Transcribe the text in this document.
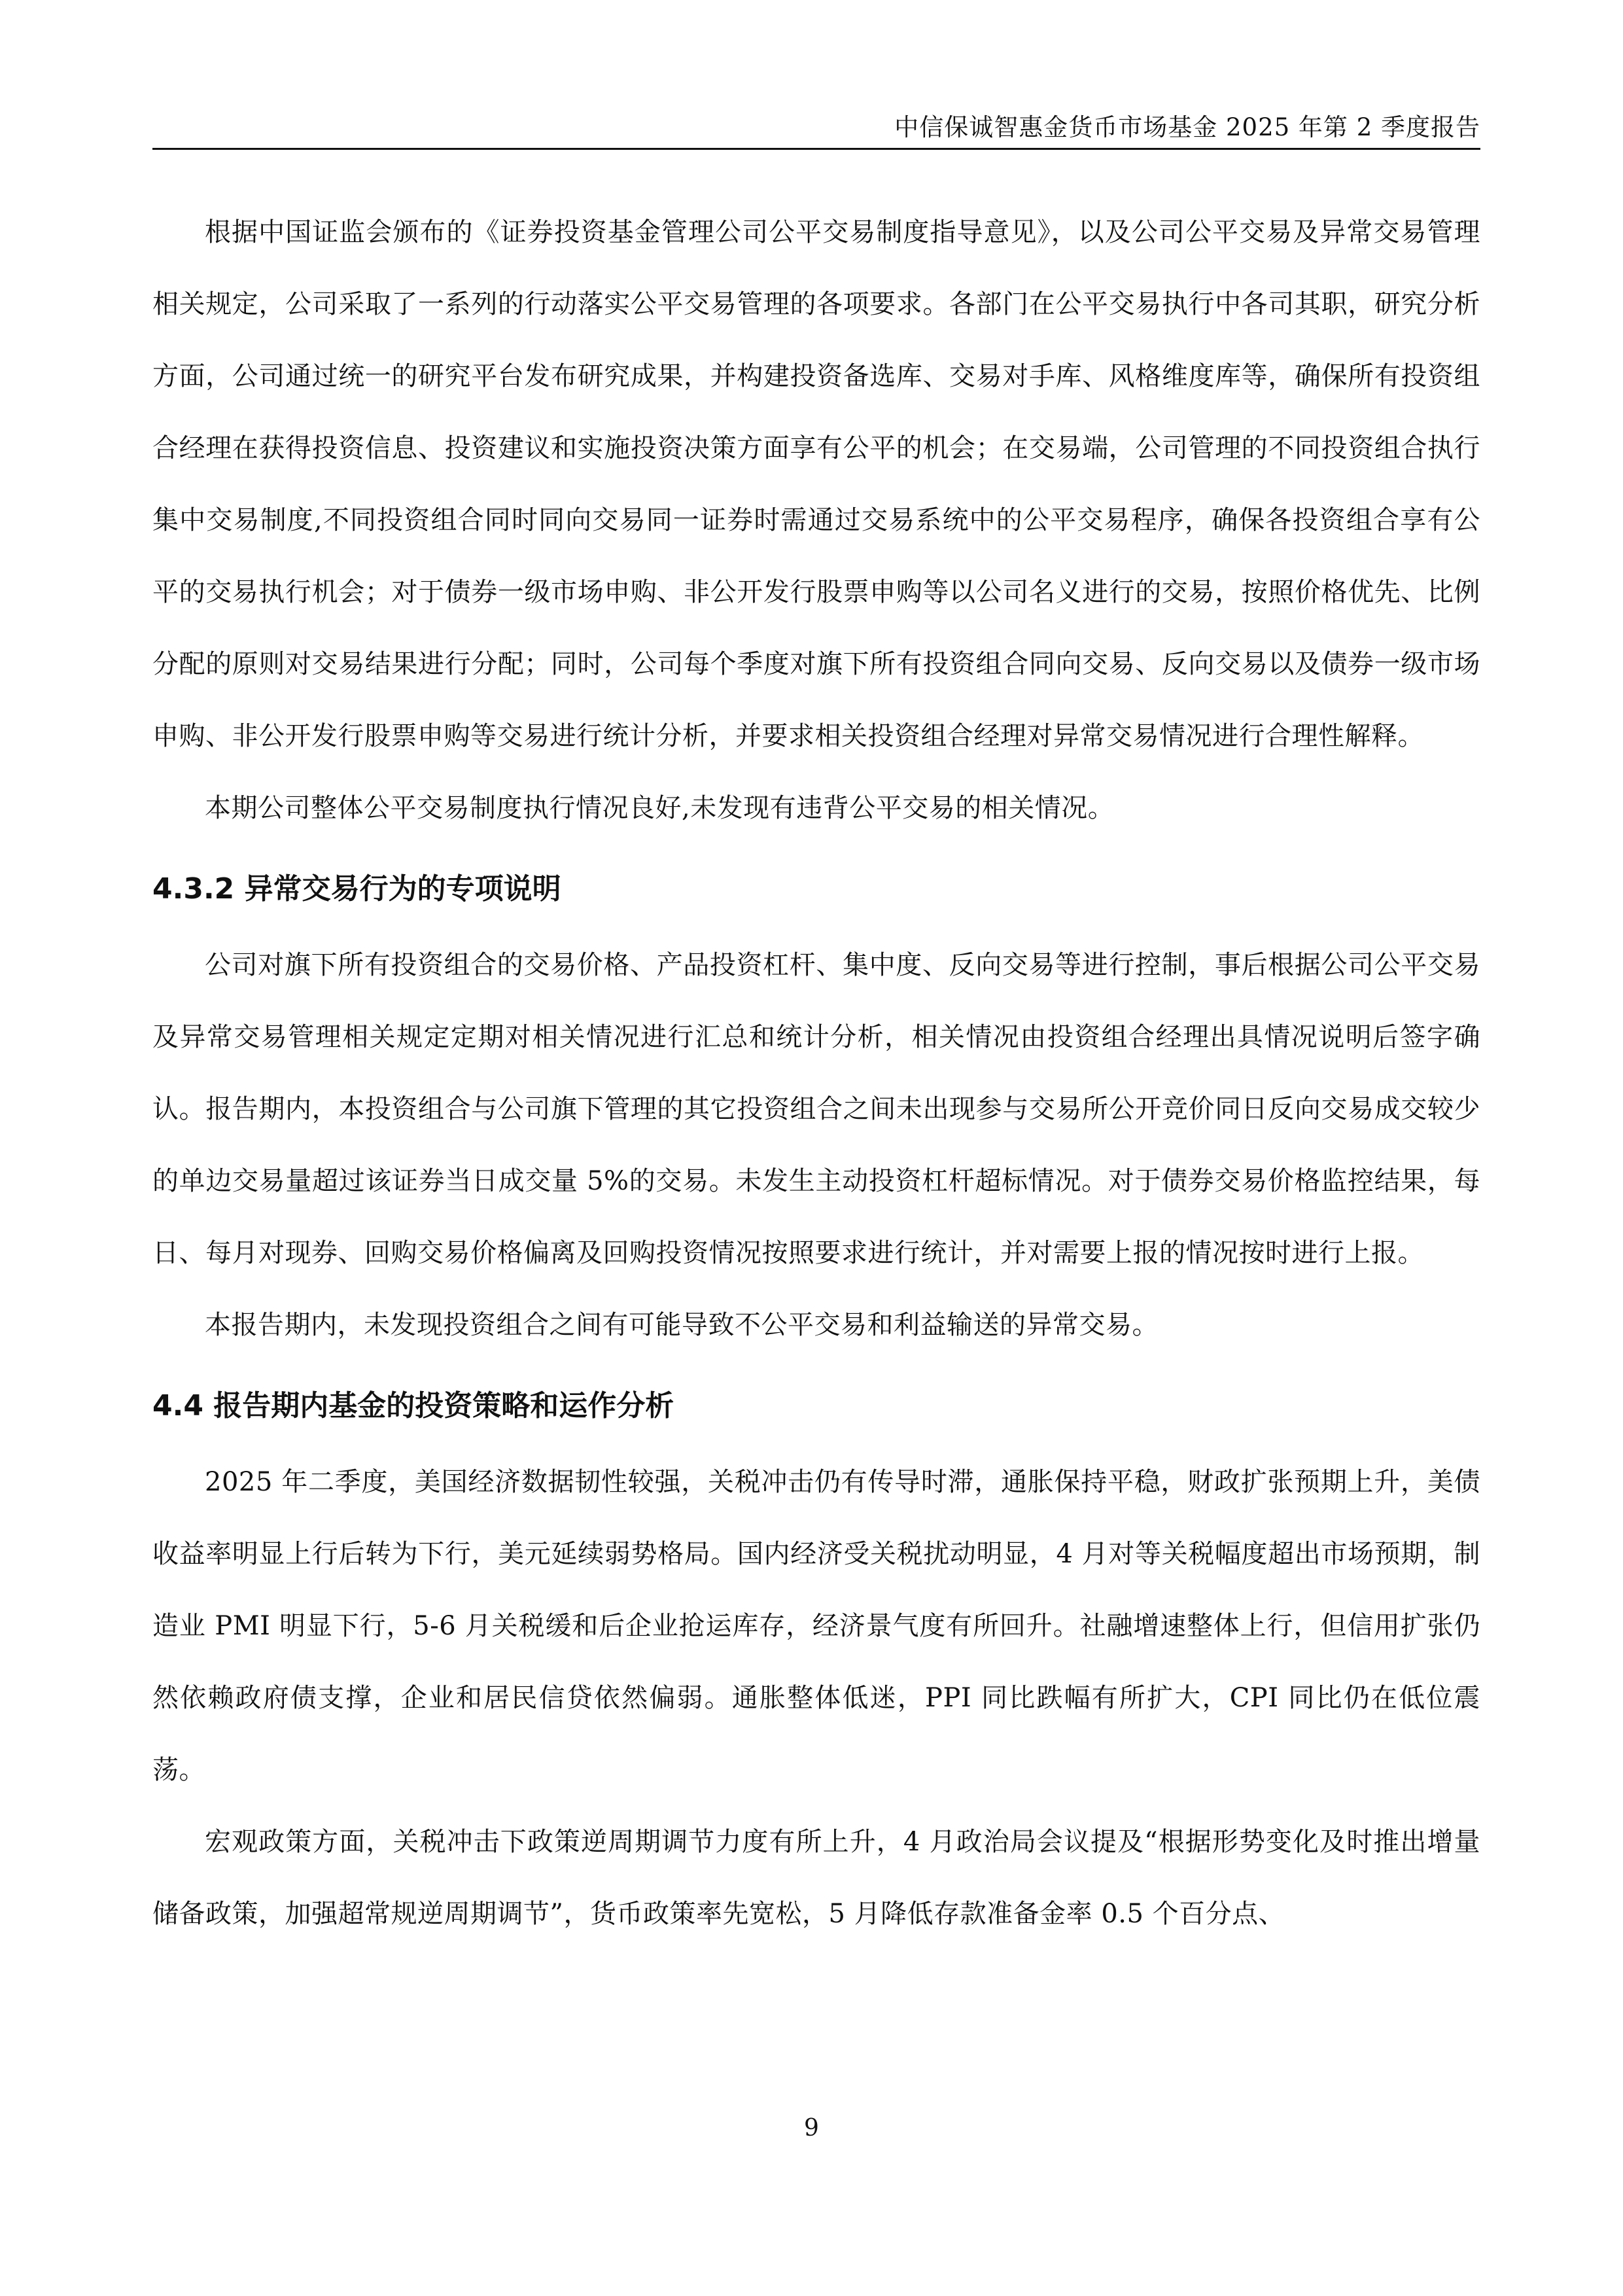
中信保诚智惠金货币市场基金 2025 年第 2 季度报告

根据中国证监会颁布的《证券投资基金管理公司公平交易制度指导意见》，以及公司公平交易及异常交易管理相关规定，公司采取了一系列的行动落实公平交易管理的各项要求。各部门在公平交易执行中各司其职，研究分析方面，公司通过统一的研究平台发布研究成果，并构建投资备选库、交易对手库、风格维度库等，确保所有投资组合经理在获得投资信息、投资建议和实施投资决策方面享有公平的机会；在交易端，公司管理的不同投资组合执行集中交易制度,不同投资组合同时同向交易同一证券时需通过交易系统中的公平交易程序，确保各投资组合享有公平的交易执行机会；对于债券一级市场申购、非公开发行股票申购等以公司名义进行的交易，按照价格优先、比例分配的原则对交易结果进行分配；同时，公司每个季度对旗下所有投资组合同向交易、反向交易以及债券一级市场申购、非公开发行股票申购等交易进行统计分析，并要求相关投资组合经理对异常交易情况进行合理性解释。

本期公司整体公平交易制度执行情况良好,未发现有违背公平交易的相关情况。

4.3.2 异常交易行为的专项说明

公司对旗下所有投资组合的交易价格、产品投资杠杆、集中度、反向交易等进行控制，事后根据公司公平交易及异常交易管理相关规定定期对相关情况进行汇总和统计分析，相关情况由投资组合经理出具情况说明后签字确认。报告期内，本投资组合与公司旗下管理的其它投资组合之间未出现参与交易所公开竞价同日反向交易成交较少的单边交易量超过该证券当日成交量 5%的交易。未发生主动投资杠杆超标情况。对于债券交易价格监控结果，每日、每月对现券、回购交易价格偏离及回购投资情况按照要求进行统计，并对需要上报的情况按时进行上报。

本报告期内，未发现投资组合之间有可能导致不公平交易和利益输送的异常交易。

4.4 报告期内基金的投资策略和运作分析

2025 年二季度，美国经济数据韧性较强，关税冲击仍有传导时滞，通胀保持平稳，财政扩张预期上升，美债收益率明显上行后转为下行，美元延续弱势格局。国内经济受关税扰动明显，4 月对等关税幅度超出市场预期，制造业 PMI 明显下行，5-6 月关税缓和后企业抢运库存，经济景气度有所回升。社融增速整体上行，但信用扩张仍然依赖政府债支撑，企业和居民信贷依然偏弱。通胀整体低迷，PPI 同比跌幅有所扩大，CPI 同比仍在低位震荡。

宏观政策方面，关税冲击下政策逆周期调节力度有所上升，4 月政治局会议提及“根据形势变化及时推出增量储备政策，加强超常规逆周期调节”，货币政策率先宽松，5 月降低存款准备金率 0.5 个百分点、

9
